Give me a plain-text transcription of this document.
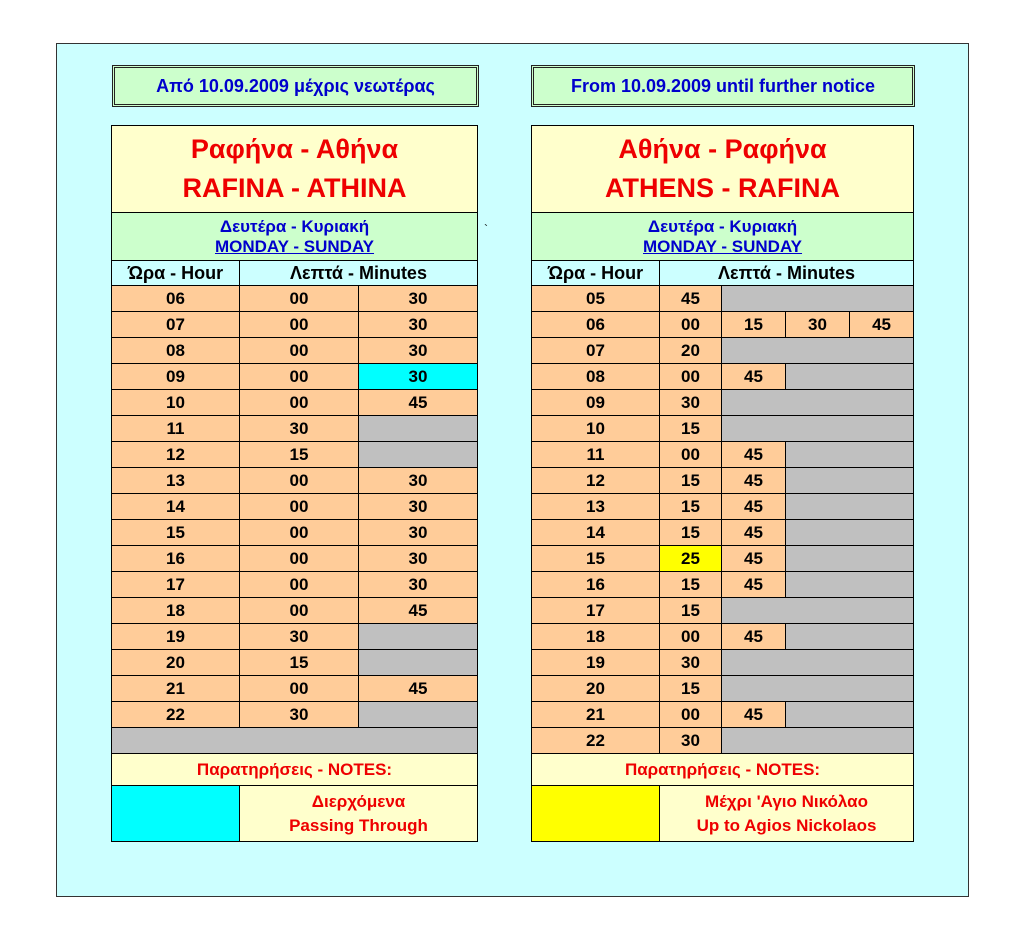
`
Από 10.09.2009 μέχρις νεωτέρας	From 10.09.2009 until further notice
Ραφήνα - Αθήνα
RAFINA - ATHINA		

Δευτέρα - Κυριακή
MONDAY - SUNDAY		

Ώρα - Hour	Λεπτά - Minutes	
06	00	30
07	00	30
08	00	30
09	00	30
10	00	45
11	30	
12	15	
13	00	30
14	00	30
15	00	30
16	00	30
17	00	30
18	00	45
19	30	
20	15	
21	00	45
22	30	

Παρατηρήσεις - NOTES:		

	Διερχόμενα
Passing Through	
Αθήνα - Ραφήνα
ATHENS - RAFINA				

Δευτέρα - Κυριακή
MONDAY - SUNDAY				

Ώρα - Hour	Λεπτά - Minutes			
05	45			
06	00	15	30	45
07	20			
08	00	45		
09	30			
10	15			
11	00	45		
12	15	45		
13	15	45		
14	15	45		
15	25	45		
16	15	45		
17	15			
18	00	45		
19	30			
20	15			
21	00	45		
22	30			
Παρατηρήσεις - NOTES:				

	Μέχρι 'Αγιο Νικόλαο
Up to Agios Nickolaos			
